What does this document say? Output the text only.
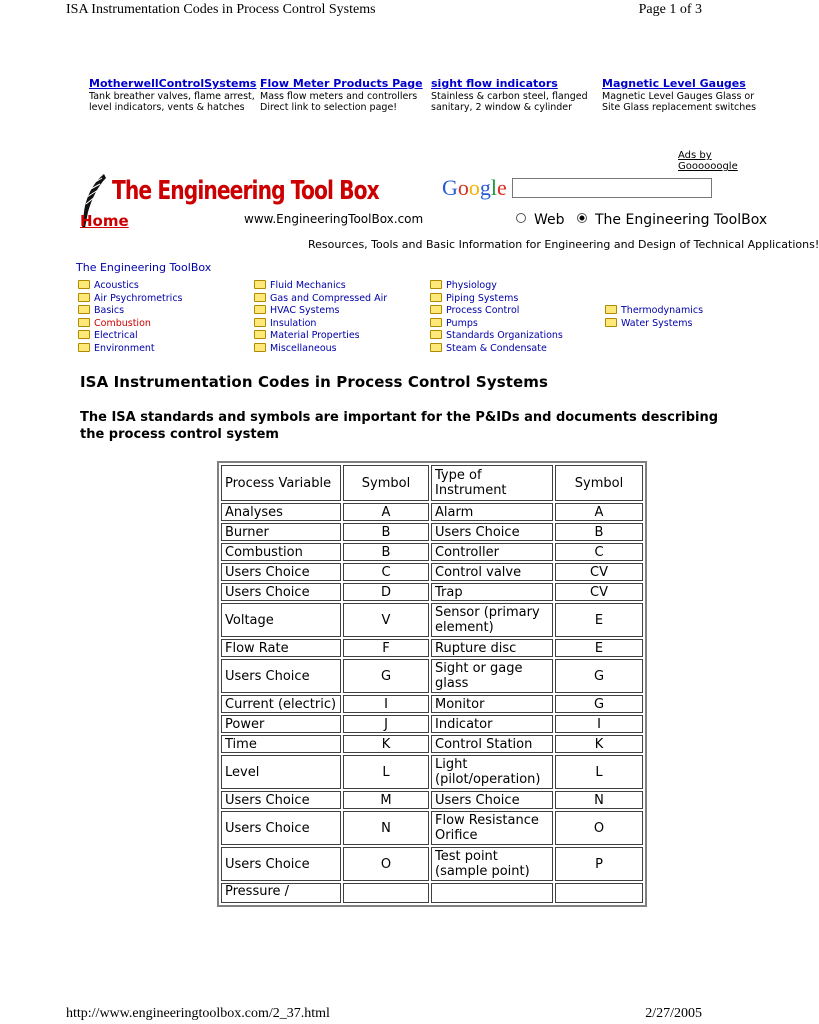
ISA Instrumentation Codes in Process Control Systems	Page 1 of 3
MotherwellControlSystems
Tank breather valves, flame arrest, level indicators, vents & hatches
Flow Meter Products Page
Mass flow meters and controllers Direct link to selection page!
sight flow indicators
Stainless & carbon steel, flanged sanitary, 2 window & cylinder
Magnetic Level Gauges
Magnetic Level Gauges Glass or Site Glass replacement switches
Ads by Goooooogle
The Engineering Tool Box
Home	www.EngineeringToolBox.com
Google
Web The Engineering ToolBox
Resources, Tools and Basic Information for Engineering and Design of Technical Applications!
The Engineering ToolBox
Acoustics
Air Psychrometrics
Basics
Combustion
Electrical
Environment
Fluid Mechanics
Gas and Compressed Air
HVAC Systems
Insulation
Material Properties
Miscellaneous
Physiology
Piping Systems
Process Control
Pumps
Standards Organizations
Steam & Condensate
Thermodynamics
Water Systems
ISA Instrumentation Codes in Process Control Systems
The ISA standards and symbols are important for the P&IDs and documents describing the process control system
Process Variable	Symbol	Type of Instrument	Symbol
Analyses	A	Alarm	A
Burner	B	Users Choice	B
Combustion	B	Controller	C
Users Choice	C	Control valve	CV
Users Choice	D	Trap	CV
Voltage	V	Sensor (primary element)	E
Flow Rate	F	Rupture disc	E
Users Choice	G	Sight or gage glass	G
Current (electric)	I	Monitor	G
Power	J	Indicator	I
Time	K	Control Station	K
Level	L	Light (pilot/operation)	L
Users Choice	M	Users Choice	N
Users Choice	N	Flow Resistance Orifice	O
Users Choice	O	Test point (sample point)	P
Pressure /			
http://www.engineeringtoolbox.com/2_37.html	2/27/2005
